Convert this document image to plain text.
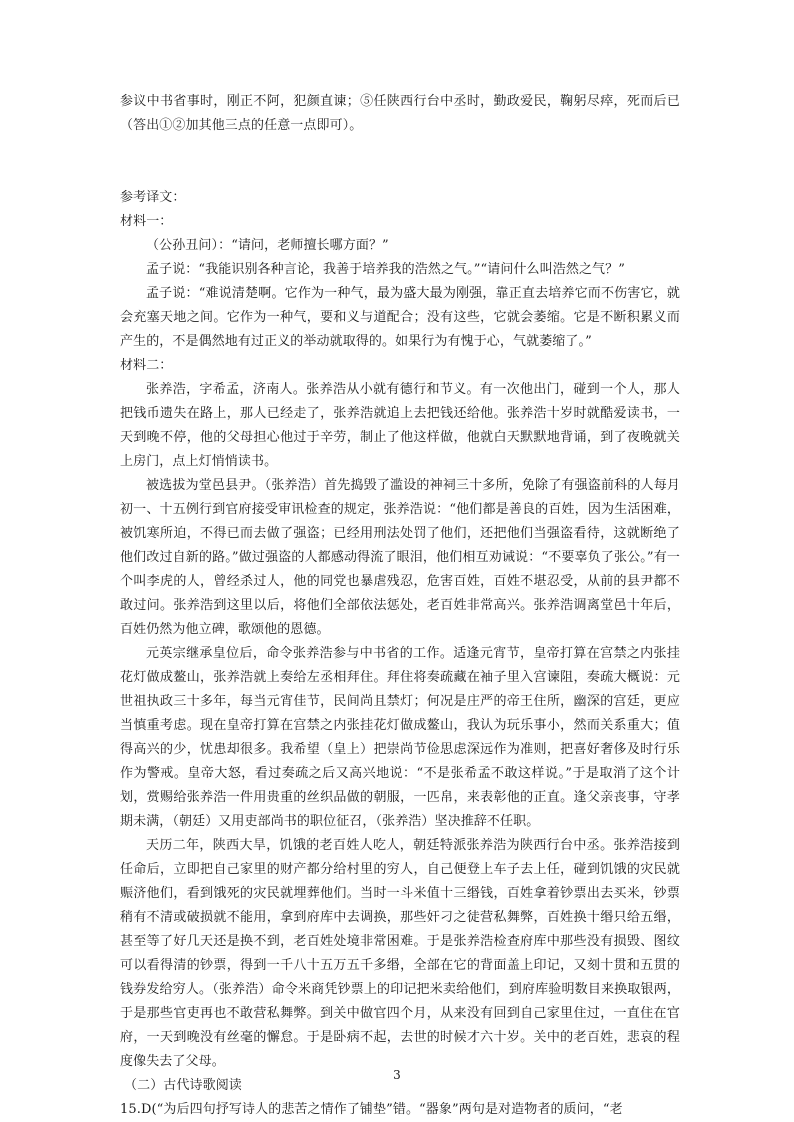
参议中书省事时，刚正不阿，犯颜直谏；⑤任陕西行台中丞时，勤政爱民，鞠躬尽瘁，死而后已（答出①②加其他三点的任意一点即可）。

参考译文：

材料一：

（公孙丑问）：“请问，老师擅长哪方面？”

孟子说：“我能识别各种言论，我善于培养我的浩然之气。”“请问什么叫浩然之气？”

孟子说：“难说清楚啊。它作为一种气，最为盛大最为刚强，靠正直去培养它而不伤害它，就会充塞天地之间。它作为一种气，要和义与道配合；没有这些，它就会萎缩。它是不断积累义而产生的，不是偶然地有过正义的举动就取得的。如果行为有愧于心，气就萎缩了。”

材料二：

张养浩，字希孟，济南人。张养浩从小就有德行和节义。有一次他出门，碰到一个人，那人把钱币遗失在路上，那人已经走了，张养浩就追上去把钱还给他。张养浩十岁时就酷爱读书，一天到晚不停，他的父母担心他过于辛劳，制止了他这样做，他就白天默默地背诵，到了夜晚就关上房门，点上灯悄悄读书。

被选拔为堂邑县尹。（张养浩）首先捣毁了滥设的神祠三十多所，免除了有强盗前科的人每月初一、十五例行到官府接受审讯检查的规定，张养浩说：“他们都是善良的百姓，因为生活困难，被饥寒所迫，不得已而去做了强盗；已经用刑法处罚了他们，还把他们当强盗看待，这就断绝了他们改过自新的路。”做过强盗的人都感动得流了眼泪，他们相互劝诫说：“不要辜负了张公。”有一个叫李虎的人，曾经杀过人，他的同党也暴虐残忍，危害百姓，百姓不堪忍受，从前的县尹都不敢过问。张养浩到这里以后，将他们全部依法惩处，老百姓非常高兴。张养浩调离堂邑十年后，百姓仍然为他立碑，歌颂他的恩德。

元英宗继承皇位后，命令张养浩参与中书省的工作。适逢元宵节，皇帝打算在宫禁之内张挂花灯做成鳌山，张养浩就上奏给左丞相拜住。拜住将奏疏藏在袖子里入宫谏阻，奏疏大概说：元世祖执政三十多年，每当元宵佳节，民间尚且禁灯；何况是庄严的帝王住所，幽深的宫廷，更应当慎重考虑。现在皇帝打算在宫禁之内张挂花灯做成鳌山，我认为玩乐事小，然而关系重大；值得高兴的少，忧患却很多。我希望（皇上）把崇尚节俭思虑深远作为准则，把喜好奢侈及时行乐作为警戒。皇帝大怒，看过奏疏之后又高兴地说：“不是张希孟不敢这样说。”于是取消了这个计划，赏赐给张养浩一件用贵重的丝织品做的朝服，一匹帛，来表彰他的正直。逢父亲丧事，守孝期未满，（朝廷）又用吏部尚书的职位征召，（张养浩）坚决推辞不任职。

天历二年，陕西大旱，饥饿的老百姓人吃人，朝廷特派张养浩为陕西行台中丞。张养浩接到任命后，立即把自己家里的财产都分给村里的穷人，自己便登上车子去上任，碰到饥饿的灾民就赈济他们，看到饿死的灾民就埋葬他们。当时一斗米值十三缗钱，百姓拿着钞票出去买米，钞票稍有不清或破损就不能用，拿到府库中去调换，那些奸刁之徒营私舞弊，百姓换十缗只给五缗，甚至等了好几天还是换不到，老百姓处境非常困难。于是张养浩检查府库中那些没有损毁、图纹可以看得清的钞票，得到一千八十五万五千多缗，全部在它的背面盖上印记，又刻十贯和五贯的钱券发给穷人。（张养浩）命令米商凭钞票上的印记把米卖给他们，到府库验明数目来换取银两，于是那些官吏再也不敢营私舞弊。到关中做官四个月，从来没有回到自己家里住过，一直住在官府，一天到晚没有丝毫的懈怠。于是卧病不起，去世的时候才六十岁。关中的老百姓，悲哀的程度像失去了父母。

（二）古代诗歌阅读

15.D(“为后四句抒写诗人的悲苦之情作了铺垫”错。“器象”两句是对造物者的质问，“老

3
